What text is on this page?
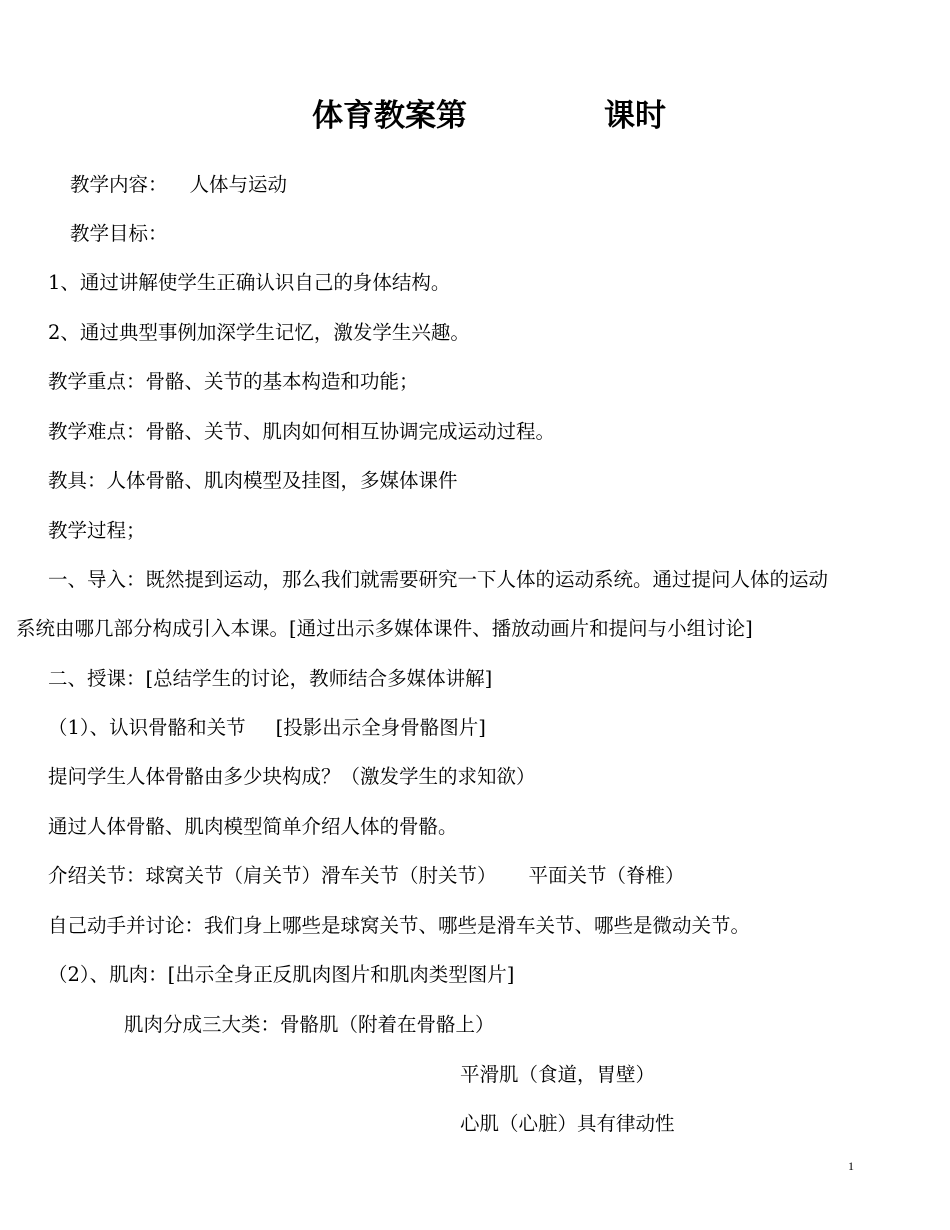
体育教案第	课时
教学内容： 人体与运动
教学目标：
1、通过讲解使学生正确认识自己的身体结构。
2、通过典型事例加深学生记忆，激发学生兴趣。
教学重点：骨骼、关节的基本构造和功能；
教学难点：骨骼、关节、肌肉如何相互协调完成运动过程。
教具：人体骨骼、肌肉模型及挂图，多媒体课件
教学过程；
一、导入：既然提到运动，那么我们就需要研究一下人体的运动系统。通过提问人体的运动
系统由哪几部分构成引入本课。[通过出示多媒体课件、播放动画片和提问与小组讨论]
二、授课：[总结学生的讨论，教师结合多媒体讲解]
（1）、认识骨骼和关节 [投影出示全身骨骼图片]
提问学生人体骨骼由多少块构成？（激发学生的求知欲）
通过人体骨骼、肌肉模型简单介绍人体的骨骼。
介绍关节：球窝关节（肩关节）滑车关节（肘关节） 平面关节（脊椎）
自己动手并讨论：我们身上哪些是球窝关节、哪些是滑车关节、哪些是微动关节。
（2）、肌肉：[出示全身正反肌肉图片和肌肉类型图片]
肌肉分成三大类：骨骼肌（附着在骨骼上）
平滑肌（食道，胃壁）
心肌（心脏）具有律动性
1
